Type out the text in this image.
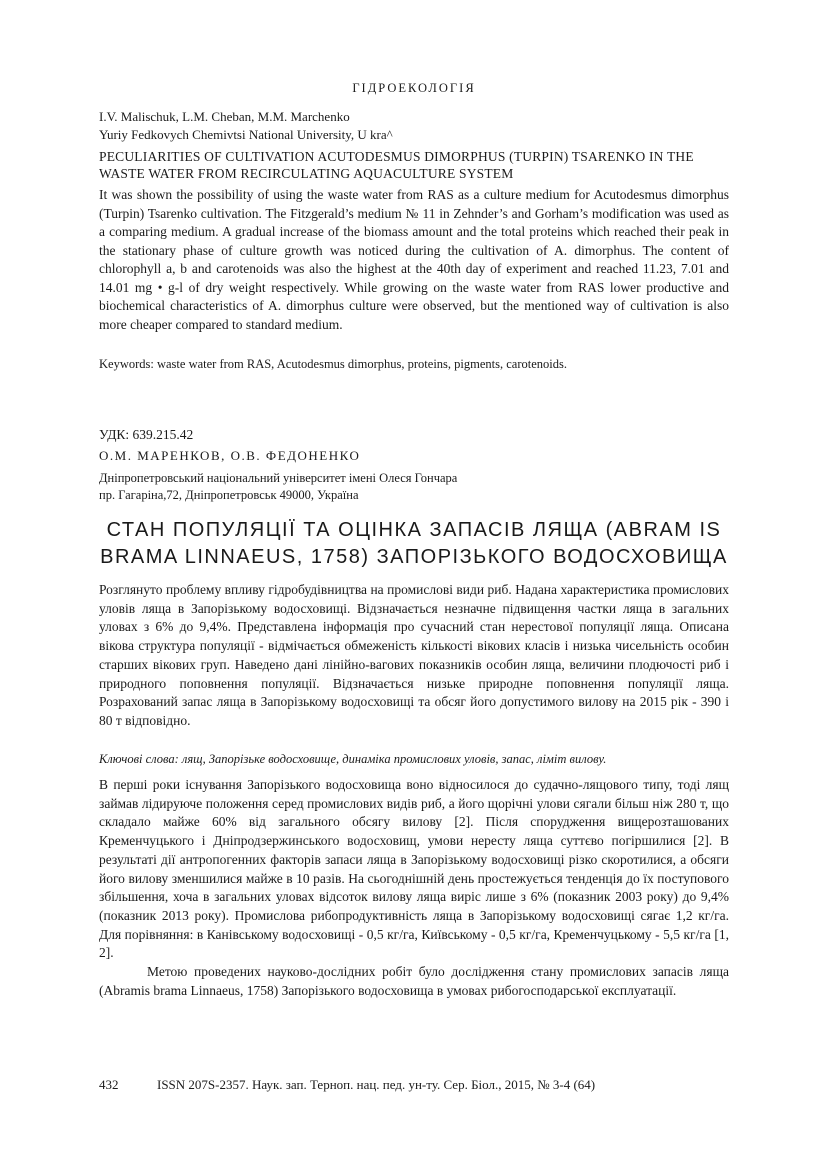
ГІДРОЕКОЛОГІЯ
I.V. Malischuk, L.M. Cheban, M.M. Marchenko
Yuriy Fedkovych Chemivtsi National University, U kra^
PECULIARITIES OF CULTIVATION ACUTODESMUS DIMORPHUS (TURPIN) TSARENKO IN THE WASTE WATER FROM RECIRCULATING AQUACULTURE SYSTEM
It was shown the possibility of using the waste water from RAS as a culture medium for Acutodesmus dimorphus (Turpin) Tsarenko cultivation. The Fitzgerald’s medium № 11 in Zehnder’s and Gorham’s modification was used as a comparing medium. A gradual increase of the biomass amount and the total proteins which reached their peak in the stationary phase of culture growth was noticed during the cultivation of A. dimorphus. The content of chlorophyll a, b and carotenoids was also the highest at the 40th day of experiment and reached 11.23, 7.01 and 14.01 mg • g-l of dry weight respectively. While growing on the waste water from RAS lower productive and biochemical characteristics of A. dimorphus culture were observed, but the mentioned way of cultivation is also more cheaper compared to standard medium.
Keywords: waste water from RAS, Acutodesmus dimorphus, proteins, pigments, carotenoids.
УДК: 639.215.42
О.М. МАРЕНКОВ, О.В. ФЕДОНЕНКО
Дніпропетровський національний університет імені Олеся Гончара
пр. Гагаріна,72, Дніпропетровськ 49000, Україна
СТАН ПОПУЛЯЦІЇ ТА ОЦІНКА ЗАПАСІВ ЛЯЩА (ABRAM IS
BRAMA LINNAEUS, 1758) ЗАПОРІЗЬКОГО ВОДОСХОВИЩА
Розглянуто проблему впливу гідробудівництва на промислові види риб. Надана характеристика промислових уловів ляща в Запорізькому водосховищі. Відзначається незначне підвищення частки ляща в загальних уловах з 6% до 9,4%. Представлена інформація про сучасний стан нерестової популяції ляща. Описана вікова структура популяції - відмічається обмеженість кількості вікових класів і низька чисельність особин старших вікових груп. Наведено дані лінійно-вагових показників особин ляща, величини плодючості риб і природного поповнення популяції. Відзначається низьке природне поповнення популяції ляща. Розрахований запас ляща в Запорізькому водосховищі та обсяг його допустимого вилову на 2015 рік - 390 і 80 т відповідно.
Ключові слова: лящ, Запорізьке водосховище, динаміка промислових уловів, запас, ліміт вилову.

В перші роки існування Запорізького водосховища воно відносилося до судачно-лящового типу, тоді лящ займав лідируюче положення серед промислових видів риб, а його щорічні улови сягали більш ніж 280 т, що складало майже 60% від загального обсягу вилову [2]. Після спорудження вищерозташованих Кременчуцького і Дніпродзержинського водосховищ, умови нересту ляща суттєво погіршилися [2]. В результаті дії антропогенних факторів запаси ляща в Запорізькому водосховищі різко скоротилися, а обсяги його вилову зменшилися майже в 10 разів. На сьогоднішній день простежується тенденція до їх поступового збільшення, хоча в загальних уловах відсоток вилову ляща виріс лише з 6% (показник 2003 року) до 9,4% (показник 2013 року). Промислова рибопродуктивність ляща в Запорізькому водосховищі сягає 1,2 кг/га. Для порівняння: в Канівському водосховищі - 0,5 кг/га, Київському - 0,5 кг/га, Кременчуцькому - 5,5 кг/га [1, 2].

Метою проведених науково-дослідних робіт було дослідження стану промислових запасів ляща (Abramis brama Linnaeus, 1758) Запорізького водосховища в умовах рибогосподарської експлуатації.

432	ISSN 207S-2357. Наук. зап. Терноп. нац. пед. ун-ту. Сер. Біол., 2015, № 3-4 (64)
